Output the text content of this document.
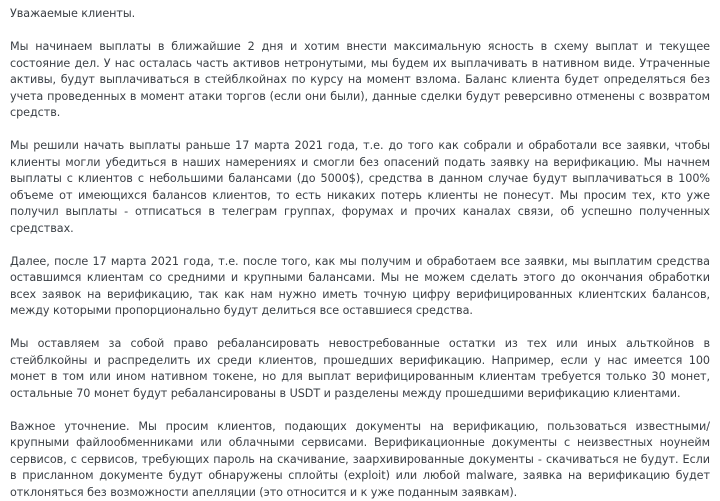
Уважаемые клиенты.

Мы начинаем выплаты в ближайшие 2 дня и хотим внести максимальную ясность в схему выплат и текущее состояние дел. У нас осталась часть активов нетронутыми, мы будем их выплачивать в нативном виде. Утраченные активы, будут выплачиваться в стейблкойнах по курсу на момент взлома. Баланс клиента будет определяться без учета проведенных в момент атаки торгов (если они были), данные сделки будут реверсивно отменены с возвратом средств.

Мы решили начать выплаты раньше 17 марта 2021 года, т.е. до того как собрали и обработали все заявки, чтобы клиенты могли убедиться в наших намерениях и смогли без опасений подать заявку на верификацию. Мы начнем выплаты с клиентов с небольшими балансами (до 5000$), средства в данном случае будут выплачиваться в 100% объеме от имеющихся балансов клиентов, то есть никаких потерь клиенты не понесут. Мы просим тех, кто уже получил выплаты - отписаться в телеграм группах, форумах и прочих каналах связи, об успешно полученных средствах.

Далее, после 17 марта 2021 года, т.е. после того, как мы получим и обработаем все заявки, мы выплатим средства оставшимся клиентам со средними и крупными балансами. Мы не можем сделать этого до окончания обработки всех заявок на верификацию, так как нам нужно иметь точную цифру верифицированных клиентских балансов, между которыми пропорционально будут делиться все оставшиеся средства.

Мы оставляем за собой право ребалансировать невостребованные остатки из тех или иных альткойнов в стейблкойны и распределить их среди клиентов, прошедших верификацию. Например, если у нас имеется 100 монет в том или ином нативном токене, но для выплат верифицированным клиентам требуется только 30 монет, остальные 70 монет будут ребалансированы в USDT и разделены между прошедшими верификацию клиентами.

Важное уточнение. Мы просим клиентов, подающих документы на верификацию, пользоваться известными/крупными файлообменниками или облачными сервисами. Верификационные документы с неизвестных ноунейм сервисов, с сервисов, требующих пароль на скачивание, заархивированные документы - скачиваться не будут. Если в присланном документе будут обнаружены сплойты (exploit) или любой malware, заявка на верификацию будет отклоняться без возможности апелляции (это относится и к уже поданным заявкам).
